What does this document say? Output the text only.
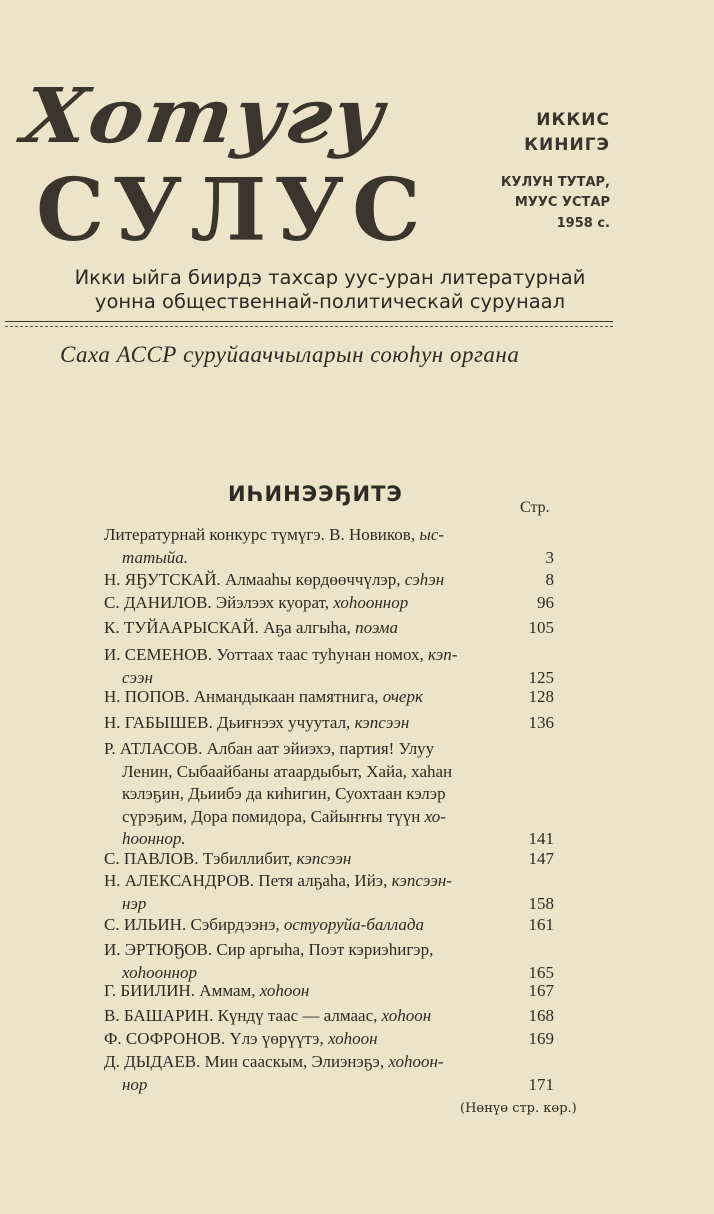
Хотугу
СУЛУС
ИККИС
КИНИГЭ
КУЛУН ТУТАР,
МУУС УСТАР
1958 с.
Икки ыйга биирдэ тахсар уус-уран литературнай
уонна общественнай-политическай сурунаал
Саха АССР суруйааччыларын союһун органа
ИҺИНЭЭҔИТЭ
Стр.
Литературнай конкурс түмүгэ. В. Новиков, ыс-
татыйа.	3
Н. ЯҔУТСКАЙ. Алмааһы көрдөөччүлэр, сэһэн	8
С. ДАНИЛОВ. Эйэлээх куорат, хоһооннор	96
К. ТУЙААРЫСКАЙ. Аҕа алгыһа, поэма	105
И. СЕМЕНОВ. Уоттаах таас туһунан номох, кэп-
сээн	125
Н. ПОПОВ. Анмандыкаан памятнига, очерк	128
Н. ГАБЫШЕВ. Дьиғнээх учуутал, кэпсээн	136
Р. АТЛАСОВ. Албан аат эйиэхэ, партия! Улуу
Ленин, Сыбаайбаны атаардыбыт, Хайа, хаһан
кэлэҕин, Дьиибэ да киһигин, Суохтаан кэлэр
сүрэҕим, Дора помидора, Сайыҥҥы түүн хо-
һооннор.	141
С. ПАВЛОВ. Тэбиллибит, кэпсээн	147
Н. АЛЕКСАНДРОВ. Петя алҕаһа, Ийэ, кэпсээн-
нэр	158
С. ИЛЬИН. Сэбирдээнэ, остуоруйа-баллада	161
И. ЭРТЮҔОВ. Сир аргыһа, Поэт кэриэһигэр,
хоһооннор	165
Г. БИИЛИН. Аммам, хоһоон	167
В. БАШАРИН. Күндү таас — алмаас, хоһоон	168
Ф. СОФРОНОВ. Үлэ үөрүүтэ, хоһоон	169
Д. ДЫДАЕВ. Мин сааскым, Элиэнэҕэ, хоһоон-
нор	171
(Нөнүө стр. көр.)
